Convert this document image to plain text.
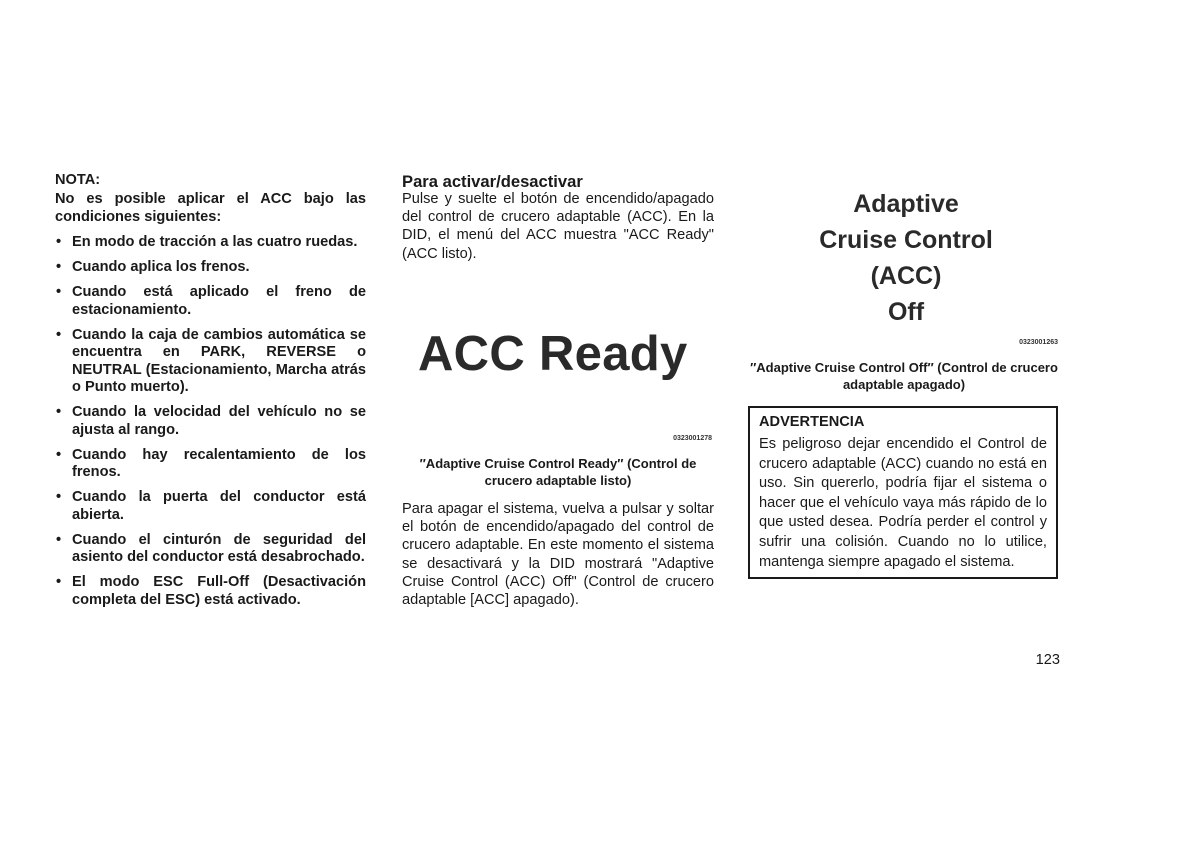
NOTA:
No es posible aplicar el ACC bajo las condiciones siguientes:
• En modo de tracción a las cuatro ruedas.
• Cuando aplica los frenos.
• Cuando está aplicado el freno de estacionamiento.
• Cuando la caja de cambios automática se encuentra en PARK, REVERSE o NEUTRAL (Estacionamiento, Marcha atrás o Punto muerto).
• Cuando la velocidad del vehículo no se ajusta al rango.
• Cuando hay recalentamiento de los frenos.
• Cuando la puerta del conductor está abierta.
• Cuando el cinturón de seguridad del asiento del conductor está desabrochado.
• El modo ESC Full-Off (Desactivación completa del ESC) está activado.
Para activar/desactivar
Pulse y suelte el botón de encendido/apagado del control de crucero adaptable (ACC). En la DID, el menú del ACC muestra "ACC Ready" (ACC listo).
ACC Ready
0323001278
″Adaptive Cruise Control Ready″ (Control de crucero adaptable listo)
Para apagar el sistema, vuelva a pulsar y soltar el botón de encendido/apagado del control de crucero adaptable. En este momento el sistema se desactivará y la DID mostrará "Adaptive Cruise Control (ACC) Off" (Control de crucero adaptable [ACC] apagado).
Adaptive
Cruise Control
(ACC)
Off
0323001263
″Adaptive Cruise Control Off″ (Control de crucero adaptable apagado)
ADVERTENCIA
Es peligroso dejar encendido el Control de crucero adaptable (ACC) cuando no está en uso. Sin quererlo, podría fijar el sistema o hacer que el vehículo vaya más rápido de lo que usted desea. Podría perder el control y sufrir una colisión. Cuando no lo utilice, mantenga siempre apagado el sistema.
123
